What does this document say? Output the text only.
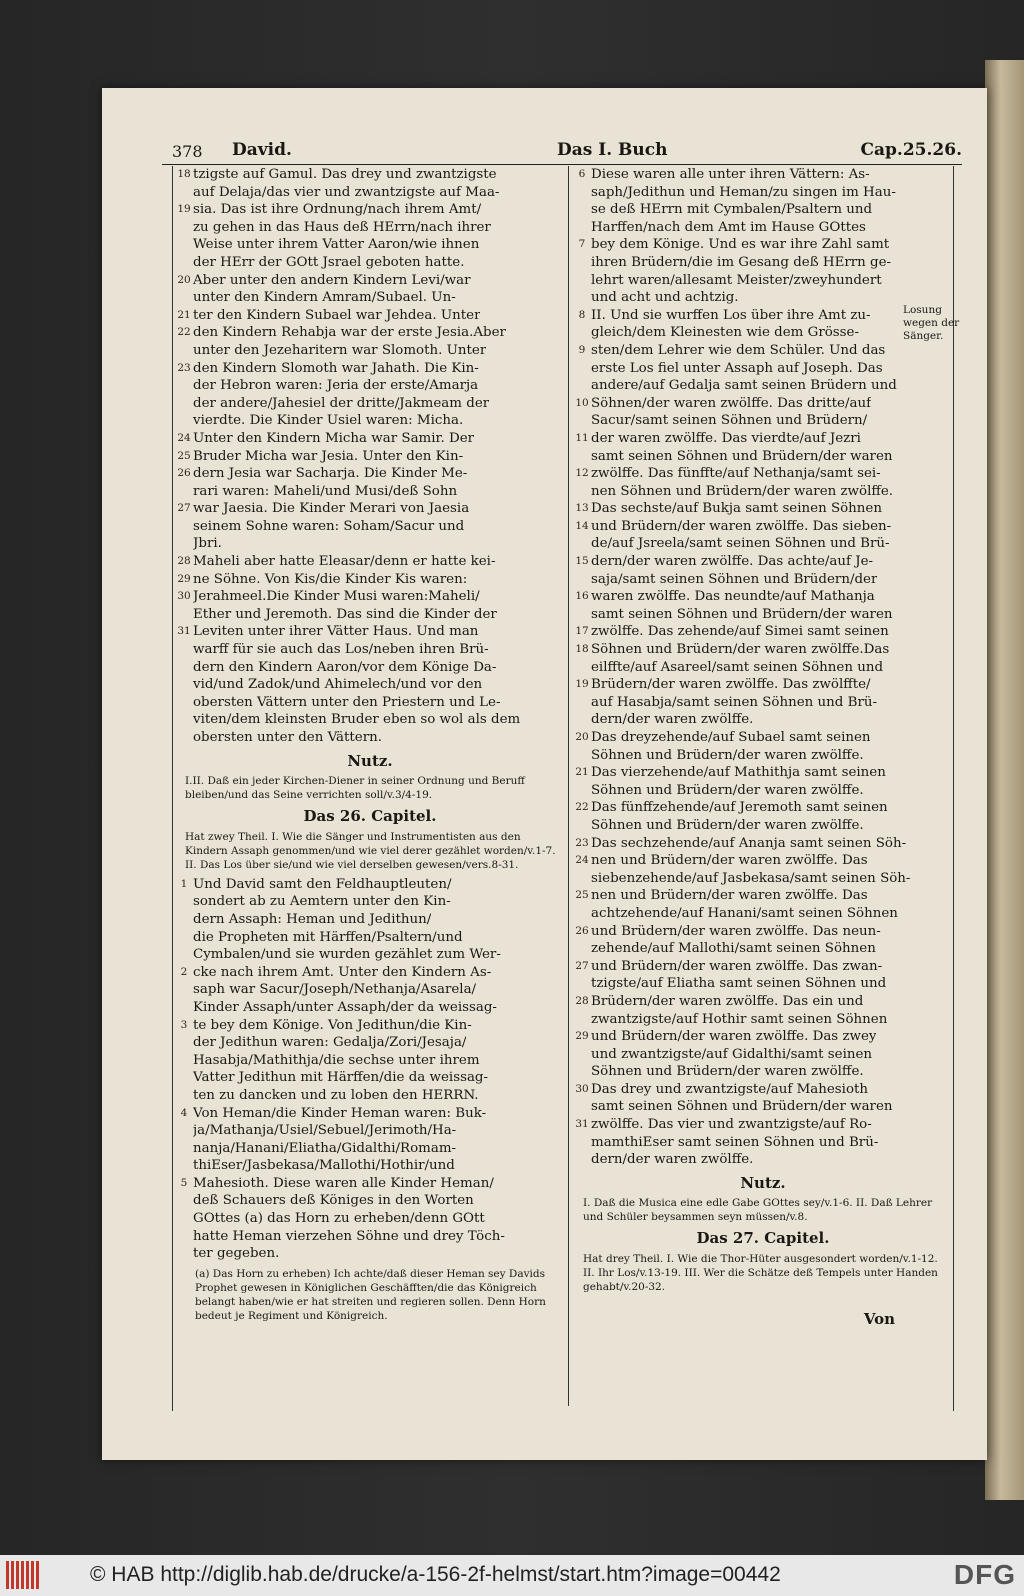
378 David.	Das I. Buch	Cap.25.26.
18 tzigste auf Gamul. Das drey und zwantzigste
auf Delaja/das vier und zwantzigste auf Maa-
19 sia. Das ist ihre Ordnung/nach ihrem Amt/
zu gehen in das Haus deß HErrn/nach ihrer
Weise unter ihrem Vatter Aaron/wie ihnen
der HErr der GOtt Jsrael geboten hatte.
20 Aber unter den andern Kindern Levi/war
unter den Kindern Amram/Subael. Un-
21 ter den Kindern Subael war Jehdea. Unter
22 den Kindern Rehabja war der erste Jesia.Aber
unter den Jezeharitern war Slomoth. Unter
23 den Kindern Slomoth war Jahath. Die Kin-
der Hebron waren: Jeria der erste/Amarja
der andere/Jahesiel der dritte/Jakmeam der
vierdte. Die Kinder Usiel waren: Micha.
24 Unter den Kindern Micha war Samir. Der
25 Bruder Micha war Jesia. Unter den Kin-
26 dern Jesia war Sacharja. Die Kinder Me-
rari waren: Maheli/und Musi/deß Sohn
27 war Jaesia. Die Kinder Merari von Jaesia
seinem Sohne waren: Soham/Sacur und
Jbri.
28 Maheli aber hatte Eleasar/denn er hatte kei-
29 ne Söhne. Von Kis/die Kinder Kis waren:
30 Jerahmeel.Die Kinder Musi waren:Maheli/
Ether und Jeremoth. Das sind die Kinder der
31 Leviten unter ihrer Vätter Haus. Und man
warff für sie auch das Los/neben ihren Brü-
dern den Kindern Aaron/vor dem Könige Da-
vid/und Zadok/und Ahimelech/und vor den
obersten Vättern unter den Priestern und Le-
viten/dem kleinsten Bruder eben so wol als dem
obersten unter den Vättern.
Nutz.
I.II. Daß ein jeder Kirchen-Diener in seiner Ordnung und Beruff bleiben/und das Seine verrichten soll/v.3/4-19.
Das 26. Capitel.
Hat zwey Theil. I. Wie die Sänger und Instrumentisten aus den Kindern Assaph genommen/und wie viel derer gezählet worden/v.1-7. II. Das Los über sie/und wie viel derselben gewesen/vers.8-31.
1 Und David samt den Feldhauptleuten/
sondert ab zu Aemtern unter den Kin-
dern Assaph: Heman und Jedithun/
die Propheten mit Härffen/Psaltern/und
Cymbalen/und sie wurden gezählet zum Wer-
2 cke nach ihrem Amt. Unter den Kindern As-
saph war Sacur/Joseph/Nethanja/Asarela/
Kinder Assaph/unter Assaph/der da weissag-
3 te bey dem Könige. Von Jedithun/die Kin-
der Jedithun waren: Gedalja/Zori/Jesaja/
Hasabja/Mathithja/die sechse unter ihrem
Vatter Jedithun mit Härffen/die da weissag-
ten zu dancken und zu loben den HERRN.
4 Von Heman/die Kinder Heman waren: Buk-
ja/Mathanja/Usiel/Sebuel/Jerimoth/Ha-
nanja/Hanani/Eliatha/Gidalthi/Romam-
thiEser/Jasbekasa/Mallothi/Hothir/und
5 Mahesioth. Diese waren alle Kinder Heman/
deß Schauers deß Königes in den Worten
GOttes (a) das Horn zu erheben/denn GOtt
hatte Heman vierzehen Söhne und drey Töch-
ter gegeben.
(a) Das Horn zu erheben) Ich achte/daß dieser Heman sey Davids Prophet gewesen in Königlichen Geschäfften/die das Königreich belangt haben/wie er hat streiten und regieren sollen. Denn Horn bedeut je Regiment und Königreich.
6 Diese waren alle unter ihren Vättern: As-
saph/Jedithun und Heman/zu singen im Hau-
se deß HErrn mit Cymbalen/Psaltern und
Harffen/nach dem Amt im Hause GOttes
7 bey dem Könige. Und es war ihre Zahl samt
ihren Brüdern/die im Gesang deß HErrn ge-
lehrt waren/allesamt Meister/zweyhundert
und acht und achtzig.
8 II. Und sie wurffen Los über ihre Amt zu-
gleich/dem Kleinesten wie dem Grösse-
9 sten/dem Lehrer wie dem Schüler. Und das
erste Los fiel unter Assaph auf Joseph. Das
andere/auf Gedalja samt seinen Brüdern und
10 Söhnen/der waren zwölffe. Das dritte/auf
Sacur/samt seinen Söhnen und Brüdern/
11 der waren zwölffe. Das vierdte/auf Jezri
samt seinen Söhnen und Brüdern/der waren
12 zwölffe. Das fünffte/auf Nethanja/samt sei-
nen Söhnen und Brüdern/der waren zwölffe.
13 Das sechste/auf Bukja samt seinen Söhnen
14 und Brüdern/der waren zwölffe. Das sieben-
de/auf Jsreela/samt seinen Söhnen und Brü-
15 dern/der waren zwölffe. Das achte/auf Je-
saja/samt seinen Söhnen und Brüdern/der
16 waren zwölffe. Das neundte/auf Mathanja
samt seinen Söhnen und Brüdern/der waren
17 zwölffe. Das zehende/auf Simei samt seinen
18 Söhnen und Brüdern/der waren zwölffe.Das
eilffte/auf Asareel/samt seinen Söhnen und
19 Brüdern/der waren zwölffe. Das zwölffte/
auf Hasabja/samt seinen Söhnen und Brü-
dern/der waren zwölffe.
20 Das dreyzehende/auf Subael samt seinen
Söhnen und Brüdern/der waren zwölffe.
21 Das vierzehende/auf Mathithja samt seinen
Söhnen und Brüdern/der waren zwölffe.
22 Das fünffzehende/auf Jeremoth samt seinen
Söhnen und Brüdern/der waren zwölffe.
23 Das sechzehende/auf Ananja samt seinen Söh-
24 nen und Brüdern/der waren zwölffe. Das
siebenzehende/auf Jasbekasa/samt seinen Söh-
25 nen und Brüdern/der waren zwölffe. Das
achtzehende/auf Hanani/samt seinen Söhnen
26 und Brüdern/der waren zwölffe. Das neun-
zehende/auf Mallothi/samt seinen Söhnen
27 und Brüdern/der waren zwölffe. Das zwan-
tzigste/auf Eliatha samt seinen Söhnen und
28 Brüdern/der waren zwölffe. Das ein und
zwantzigste/auf Hothir samt seinen Söhnen
29 und Brüdern/der waren zwölffe. Das zwey
und zwantzigste/auf Gidalthi/samt seinen
Söhnen und Brüdern/der waren zwölffe.
30 Das drey und zwantzigste/auf Mahesioth
samt seinen Söhnen und Brüdern/der waren
31 zwölffe. Das vier und zwantzigste/auf Ro-
mamthiEser samt seinen Söhnen und Brü-
dern/der waren zwölffe.
Nutz.
I. Daß die Musica eine edle Gabe GOttes sey/v.1-6. II. Daß Lehrer und Schüler beysammen seyn müssen/v.8.
Das 27. Capitel.
Hat drey Theil. I. Wie die Thor-Hüter ausgesondert worden/v.1-12. II. Ihr Los/v.13-19. III. Wer die Schätze deß Tempels unter Handen gehabt/v.20-32.
Losung wegen der Sänger.
Von
© HAB http://diglib.hab.de/drucke/a-156-2f-helmst/start.htm?image=00442	DFG
